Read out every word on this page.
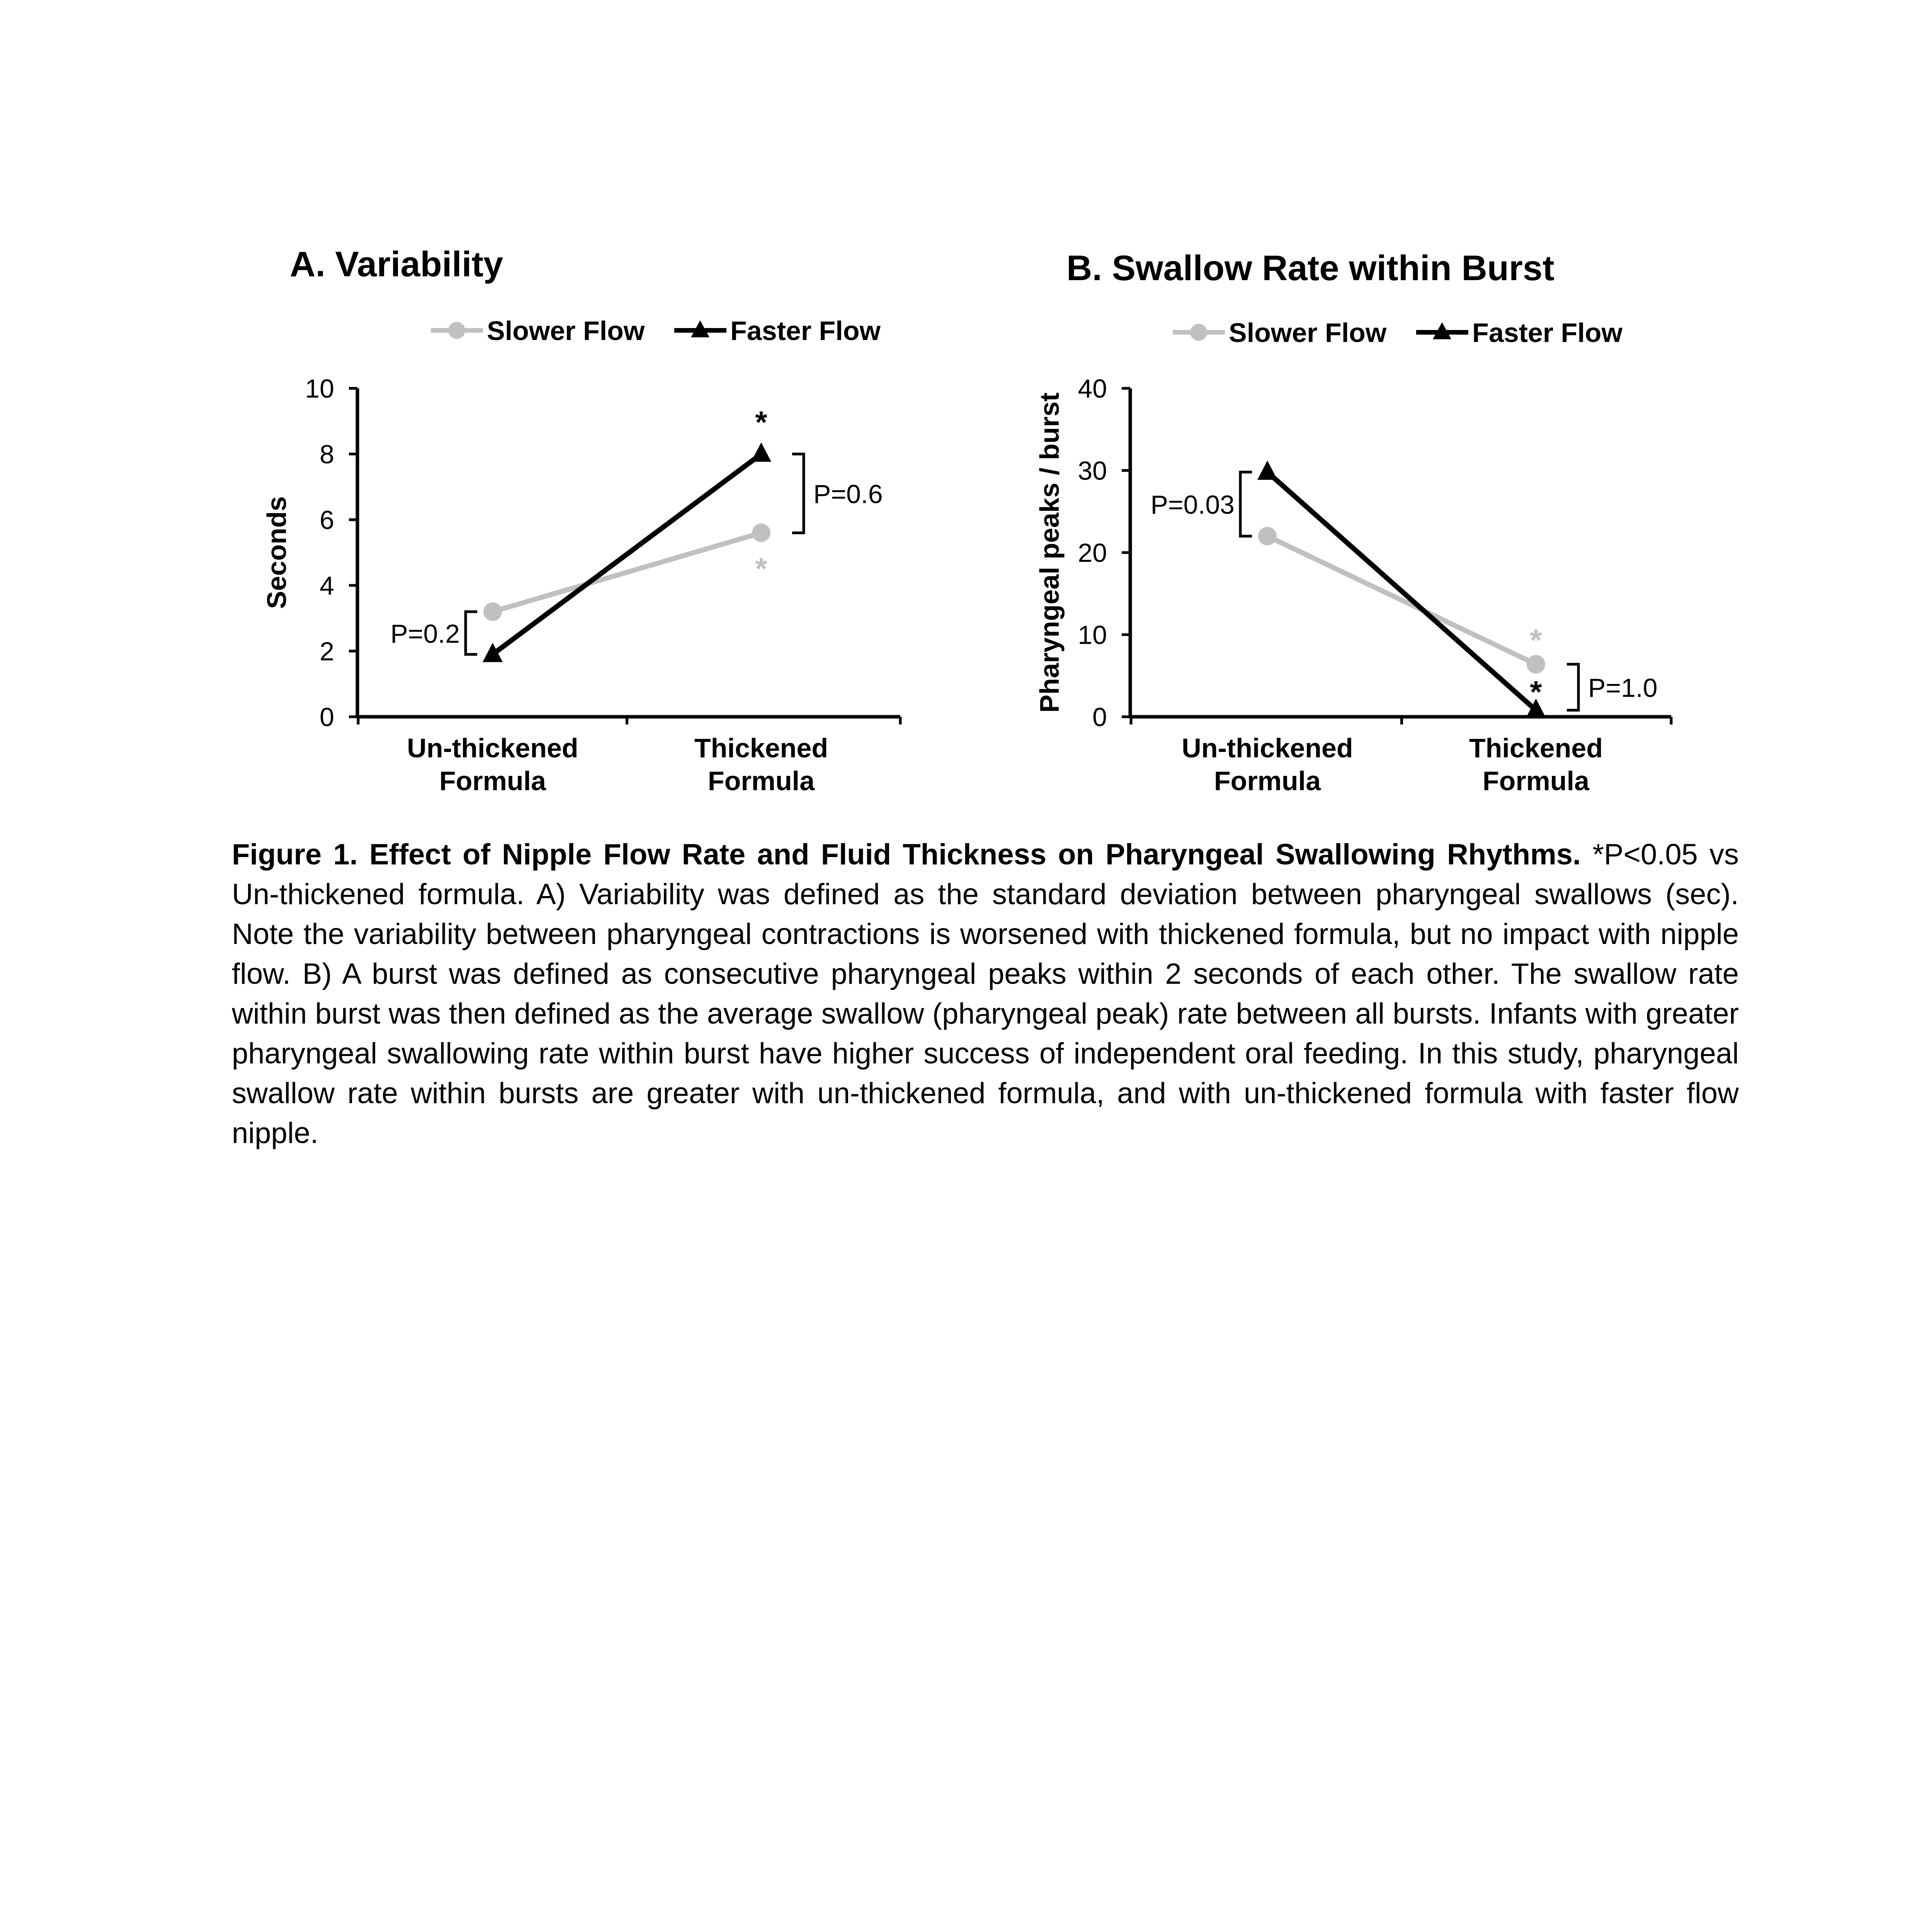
A. Variability
Slower Flow	Faster Flow
0
2
4
6
8
10
Seconds
Un-thickened
Formula
Thickened
Formula
*
*
P=0.2
P=0.6
B. Swallow Rate within Burst
Slower Flow	Faster Flow
0
10
20
30
40
Pharyngeal peaks / burst
Un-thickened
Formula
Thickened
Formula
*
*
P=0.03
P=1.0
Figure 1. Effect of Nipple Flow Rate and Fluid Thickness on Pharyngeal Swallowing Rhythms. *P<0.05 vs Un-thickened formula. A) Variability was defined as the standard deviation between pharyngeal swallows (sec). Note the variability between pharyngeal contractions is worsened with thickened formula, but no impact with nipple flow. B) A burst was defined as consecutive pharyngeal peaks within 2 seconds of each other. The swallow rate within burst was then defined as the average swallow (pharyngeal peak) rate between all bursts. Infants with greater pharyngeal swallowing rate within burst have higher success of independent oral feeding. In this study, pharyngeal swallow rate within bursts are greater with un-thickened formula, and with un-thickened formula with faster flow nipple.
